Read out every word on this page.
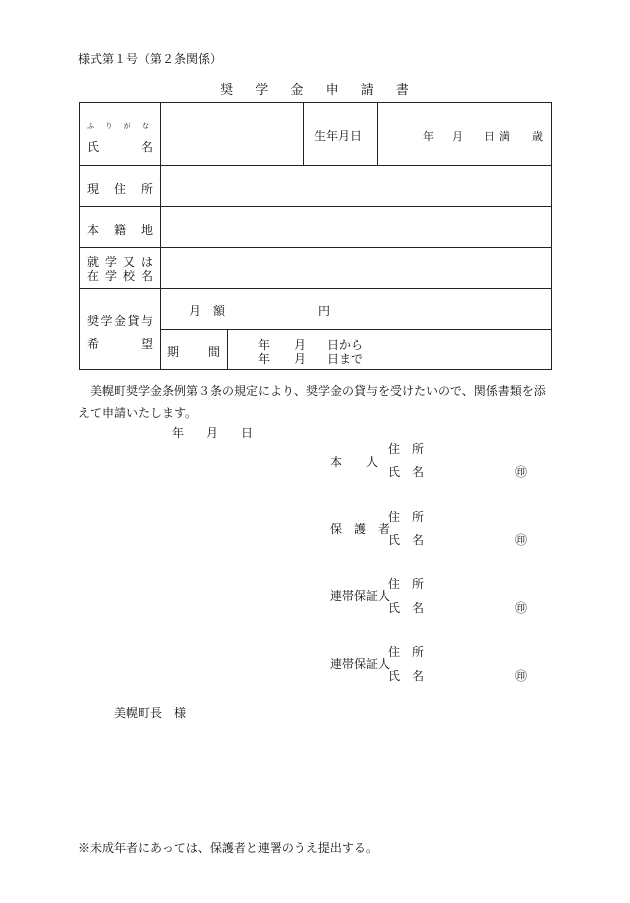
様式第１号（第２条関係）
奨 学 金 申 請 書
ふ り が な
氏	名
生年月日	年 月 日 満 歳
現 住 所
本 籍 地
就 学 又 は
在 学 校 名
奨 学 金 貸 与
希	望
月　額	円
期 間	年 月 日から
年 月 日まで
美幌町奨学金条例第３条の規定により、奨学金の貸与を受けたいので、関係書類を添えて申請いたします。
年 月 日
住　所
本　　人
氏　名	㊞
住　所
保　護　者
氏　名	㊞
住　所
連帯保証人
氏　名	㊞
住　所
連帯保証人
氏　名	㊞
美幌町長　様
※未成年者にあっては、保護者と連署のうえ提出する。
